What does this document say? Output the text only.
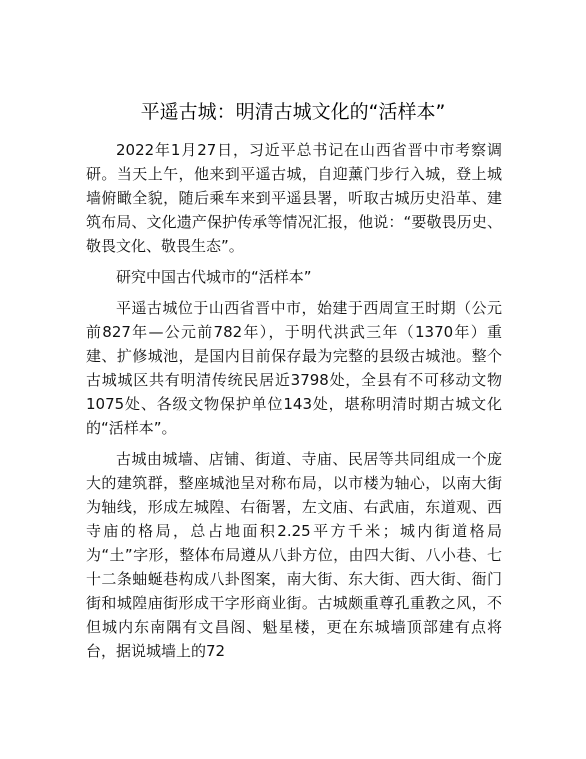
平遥古城：明清古城文化的“活样本”

2022年1月27日，习近平总书记在山西省晋中市考察调研。当天上午，他来到平遥古城，自迎薰门步行入城，登上城墙俯瞰全貌，随后乘车来到平遥县署，听取古城历史沿革、建筑布局、文化遗产保护传承等情况汇报，他说：“要敬畏历史、敬畏文化、敬畏生态”。

研究中国古代城市的“活样本”

平遥古城位于山西省晋中市，始建于西周宣王时期（公元前827年—公元前782年），于明代洪武三年（1370年）重建、扩修城池，是国内目前保存最为完整的县级古城池。整个古城城区共有明清传统民居近3798处，全县有不可移动文物1075处、各级文物保护单位143处，堪称明清时期古城文化的“活样本”。

古城由城墙、店铺、街道、寺庙、民居等共同组成一个庞大的建筑群，整座城池呈对称布局，以市楼为轴心，以南大街为轴线，形成左城隍、右衙署，左文庙、右武庙，东道观、西寺庙的格局，总占地面积2.25平方千米；城内街道格局为“土”字形，整体布局遵从八卦方位，由四大街、八小巷、七十二条蚰蜒巷构成八卦图案，南大街、东大街、西大街、衙门街和城隍庙街形成干字形商业街。古城颇重尊孔重教之风，不但城内东南隅有文昌阁、魁星楼，更在东城墙顶部建有点将台，据说城墙上的72
